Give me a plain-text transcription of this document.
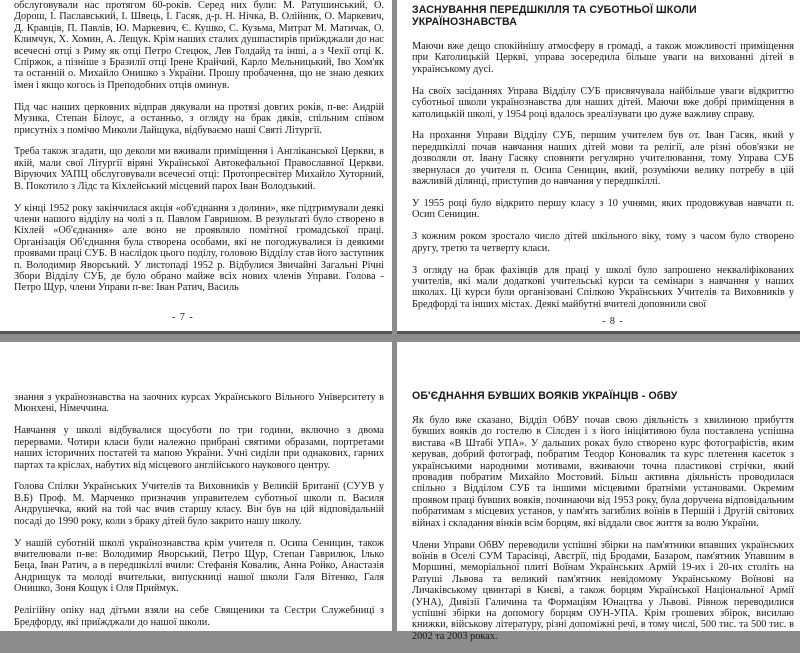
обслуговували нас протягом 60-років. Серед них були: М. Ратушинський, О. Дорош, І. Паславський, І. Швець, І. Гасяк, д-р. Н. Нічка, В. Олійник, О. Маркевич, Д. Кравців, П. Павлів, Ю. Маркевич, Є. Кушко, С. Кузьма, Митрат М. Матичак, О. Климчук, Х. Хомин, А. Лещук. Крім наших сталих душпастирів приїжджали до нас всечесні отці з Риму як отці Петро Стецюк, Лев Голдайд та інші, а з Чехії отці К. Спіржок, а пізніше з Бразилії отці Ірене Крайчий, Карло Мельницький, Іво Хом'як та останній о. Михайло Онишко з України. Прошу пробачення, що не знаю деяких імен і якщо когось із Преподобних отців оминув.

Під час наших церковних відправ дякували на протязі довгих років, п-ве: Андрій Музика, Степан Білоус, а останньо, з огляду на брак дяків, спільним співом присутніх з помічю Миколи Лайщука, відбуваємо наші Святі Літургії.

Треба також згадати, що деколи ми вживали приміщення і Англіканської Церкви, в якій, мали свої Літургії віряні Української Автокефальної Православної Церкви. Віруючих УАПЦ обслуговували всечесні отці: Протопресвітер Михайло Хуторний, В. Покотило з Лідс та Кіхлейський місцевий парох Іван Володзький.

У кінці 1952 року закінчилася акція «об'єднання з долини», яке підтримували деякі члени нашого відділу на чолі з п. Павлом Гавришом. В результаті було створено в Кіхлей «Об'єднання» але воно не проявляло помітної громадської праці. Організація Об'єднання була створена особами, які не погоджувалися із деякими проявами праці СУБ. В наслідок цього поділу, головою Відділу став його заступник п. Володимир Яворський. У листопаді 1952 р. Відбулися Звичайні Загальні Річні Збори Відділу СУБ, де було обрано майже всіх нових членів Управи. Голова - Петро Щур, члени Управи п-ве: Іван Ратич, Василь

- 7 -
ЗАСНУВАННЯ ПЕРЕДШКІЛЛЯ ТА СУБОТНЬОЇ ШКОЛИ УКРАЇНОЗНАВСТВА

Маючи вже дещо спокійнішу атмосферу в громаді, а також можливості приміщення при Католицькій Церкві, управа зосередила більше уваги на вихованні дітей в українському дусі.

На своїх засіданнях Управа Відділу СУБ присвячувала найбільше уваги відкриттю суботньої школи українознавства для наших дітей. Маючи вже добрі приміщення в католицькій школі, у 1954 році вдалось зреалізувати цю дуже важливу справу.

На прохання Управи Відділу СУБ, першим учителем був от. Іван Гасяк, який у передшкіллі почав навчання наших дітей мови та релігії, але різні обов'язки не дозволяли от. Івану Гасяку сповняти регулярно учителювання, тому Управа СУБ звернулася до учителя п. Осипа Сеницин, який, розуміючи велику потребу в цій важливій ділянці, приступив до навчання у передшкіллі.

У 1955 році було відкрито першу класу з 10 учнями, яких продовжував навчати п. Осип Сеницин.

З кожним роком зростало число дітей шкільного віку, тому з часом було створено другу, третю та четверту класи.

З огляду на брак фахівців для праці у школі було запрошено некваліфікованих учителів, які мали додаткові учительські курси та семінари з навчання у наших школах. Ці курси були організовані Спілкою Українських Учителів та Виховників у Бредфорді та інших містах. Деякі майбутні вчителі доповнили свої

- 8 -

знання з українознавства на заочних курсах Українського Вільного Університету в Мюнхені, Німеччина.

Навчання у школі відбувалися щосуботи по три години, включно з двома перервами. Чотири класи були належно прибрані святими образами, портретами наших історичних постатей та мапою України. Учні сиділи при однакових, гарних партах та кріслах, набутих від місцевого англійського наукового центру.

Голова Спілки Українських Учителів та Виховників у Великій Британії (СУУВ у В.Б) Проф. М. Марченко призначив управителем суботньої школи п. Василя Андрушечка, який на той час вчив старшу класу. Він був на цій відповідальній посаді до 1990 року, коли з браку дітей було закрито нашу школу.

У нашій суботній школі українознавства крім учителя п. Осипа Сеницин, також вчителювали п-ве: Володимир Яворський, Петро Щур, Степан Гаврилюк, Ілько Беца, Іван Ратич, а в передшкіллі вчили: Стефанія Ковалик, Анна Ройко, Анастазія Андрищук та молоді вчительки, випускниці нашої школи Галя Вітенко, Галя Онишко, Зоня Кощук і Оля Приймук.

Релігійну опіку над дітьми взяли на себе Священики та Сестри Служебниці з Бредфорду, які приїжджали до нашої школи.

ОБ'ЄДНАННЯ БУВШИХ ВОЯКІВ УКРАЇНЦІВ - ОбВУ

Як було вже сказано, Відділ ОбВУ почав свою діяльність з хвилиною прибуття бувших вояків до гостелю в Сілсден і з його ініціятивою була поставлена успішна вистава «В Штабі УПА». У дальших роках було створено курс фотографістів, яким керував, добрий фотограф, побратим Теодор Коновалик та курс плетення касеток з українськими народними мотивами, вживаючи точна пластикові стрічки, який провадив побратим Михайло Мостовий. Більш активна діяльність проводилася спільно з Відділом СУБ та іншими місцевими братніми установами. Окремим проявом праці бувших вояків, починаючи від 1953 року, була доручена відповідальним побратимам з місцевих установ, у пам'ять загиблих воїнів в Першій і Другій світових війнах і складання вінків всім борцям, які віддали своє життя за волю України.

Члени Управи ОбВУ переводили успішні збірки на пам'ятники впавших українських воїнів в Оселі СУМ Тарасівці, Австрії, під Бродами, Базаром, пам'ятник Упавшим в Моршині, меморіальної плиті Воїнам Українських Армій 19-их і 20-их століть на Ратуші Львова та великий пам'ятник невідомому Українському Воїнові на Личаківському цвинтарі в Києві, а також борцям Української Національної Армії (УНА), Дивізії Галичина та Формаціям Юнацтва у Львові. Рівнож переводилися успішні збірки на допомогу борцям ОУН-УПА. Крім грошевих збірок, висилаю книжки, військову літературу, різні допоміжні речі, в тому числі, 500 тис. та 500 тис. в 2002 та 2003 роках.
